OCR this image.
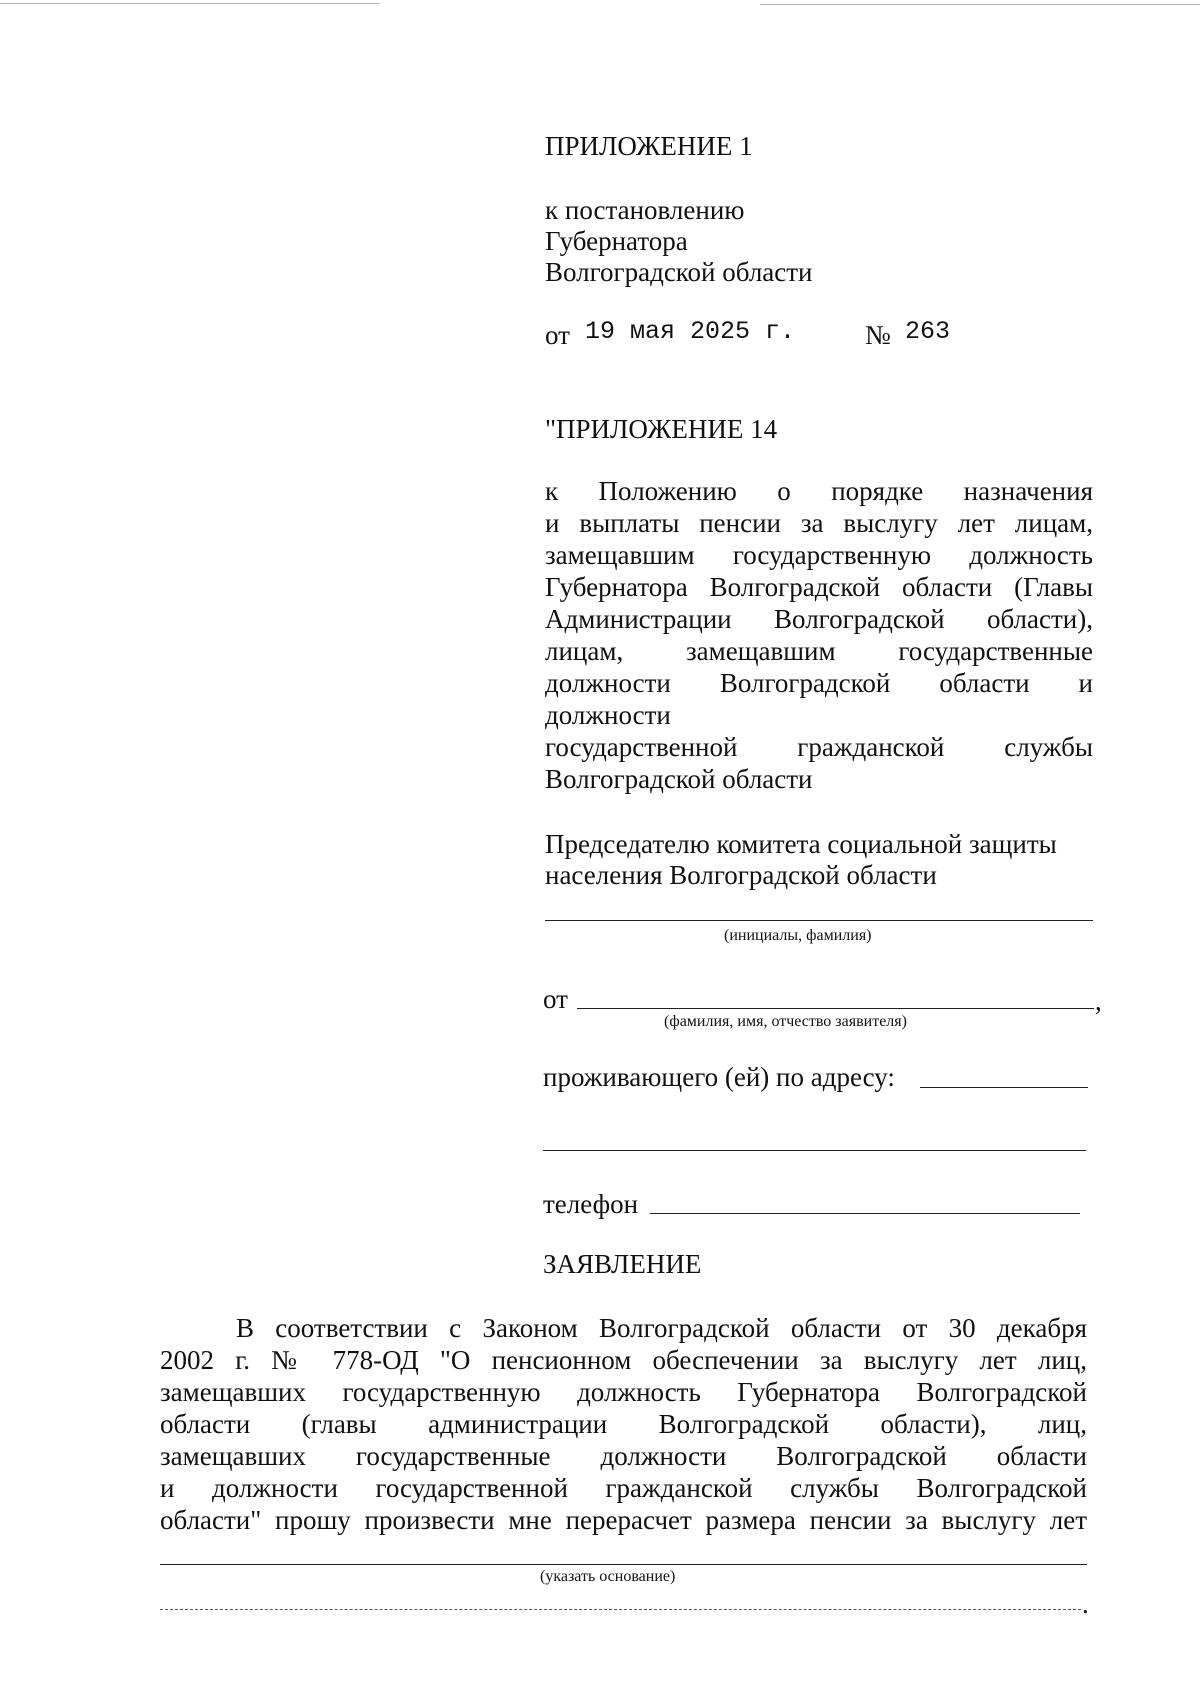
ПРИЛОЖЕНИЕ 1
к постановлению
Губернатора
Волгоградской области
от 19 мая 2025 г.	№ 263
"ПРИЛОЖЕНИЕ 14
к Положению о порядке назначения
и выплаты пенсии за выслугу лет лицам,
замещавшим государственную должность
Губернатора Волгоградской области (Главы
Администрации Волгоградской области),
лицам, замещавшим государственные
должности Волгоградской области и должности
государственной гражданской службы
Волгоградской области
Председателю комитета социальной защиты
населения Волгоградской области
(инициалы, фамилия)
от	,
(фамилия, имя, отчество заявителя)
проживающего (ей) по адресу:
телефон
ЗАЯВЛЕНИЕ
В соответствии с Законом Волгоградской области от 30 декабря
2002 г. № 778-ОД "О пенсионном обеспечении за выслугу лет лиц,
замещавших государственную должность Губернатора Волгоградской
области (главы администрации Волгоградской области), лиц,
замещавших государственные должности Волгоградской области
и должности государственной гражданской службы Волгоградской
области" прошу произвести мне перерасчет размера пенсии за выслугу лет
(указать основание)
.
